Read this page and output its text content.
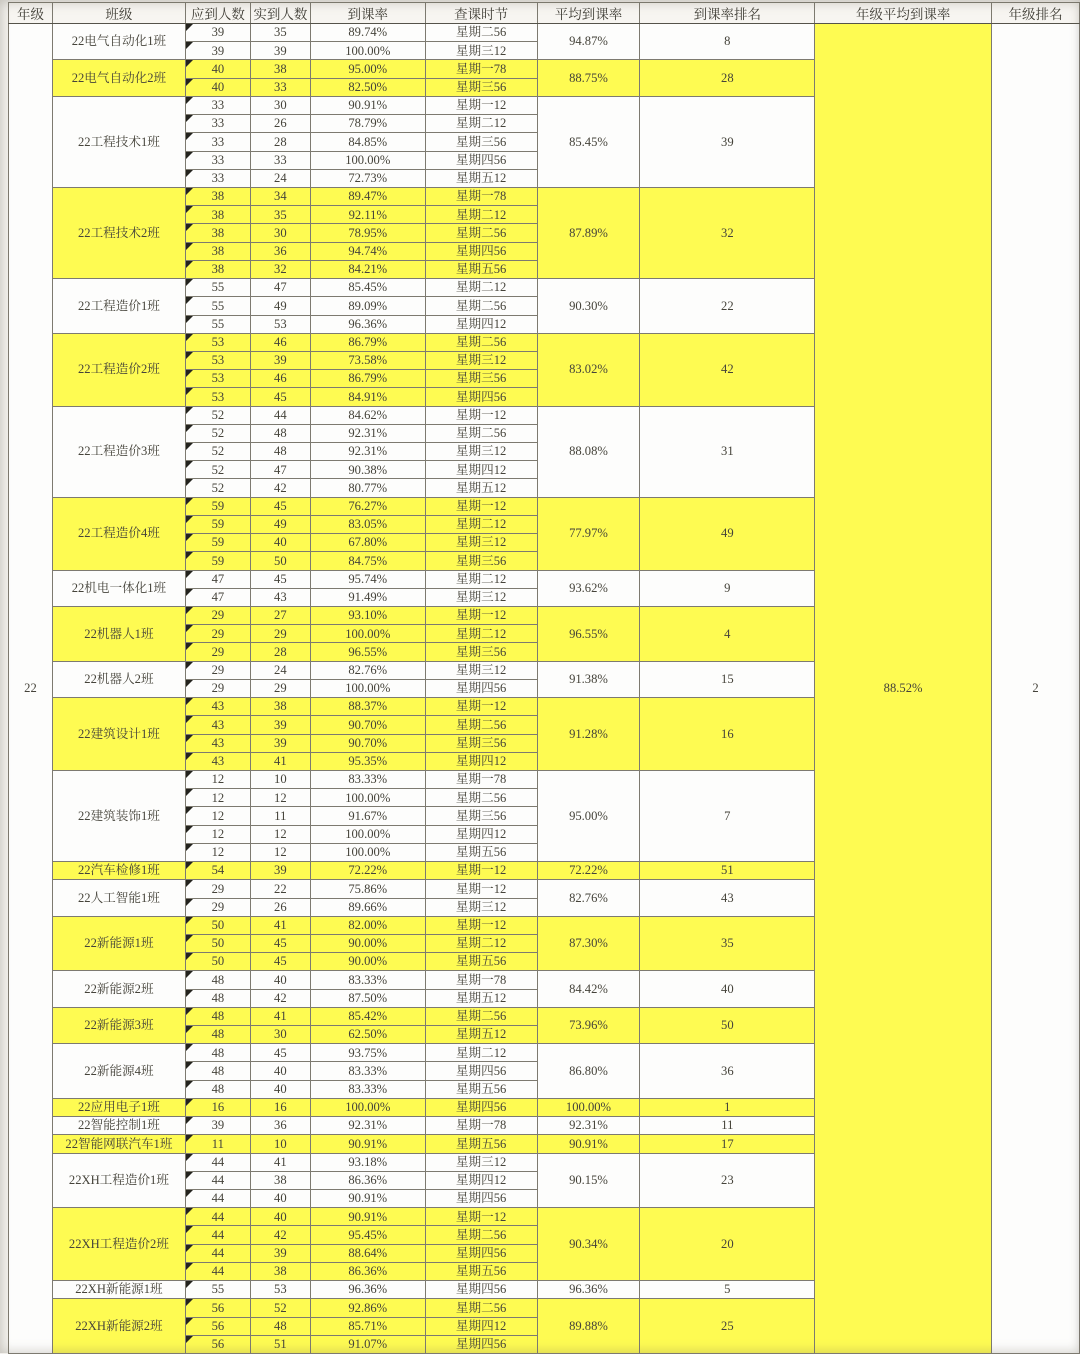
年级	班级	应到人数	实到人数	到课率	查课时节	平均到课率	到课率排名	年级平均到课率	年级排名
22	22电气自动化1班	39	35	89.74%	星期二56	94.87%	8	88.52%	2
		39	39	100.00%	星期三12				
	22电气自动化2班	40	38	95.00%	星期一78	88.75%	28		
		40	33	82.50%	星期三56				
	22工程技术1班	33	30	90.91%	星期一12	85.45%	39		
		33	26	78.79%	星期二12				
		33	28	84.85%	星期三56				
		33	33	100.00%	星期四56				
		33	24	72.73%	星期五12				
	22工程技术2班	38	34	89.47%	星期一78	87.89%	32		
		38	35	92.11%	星期二12				
		38	30	78.95%	星期二56				
		38	36	94.74%	星期四56				
		38	32	84.21%	星期五56				
	22工程造价1班	55	47	85.45%	星期二12	90.30%	22		
		55	49	89.09%	星期二56				
		55	53	96.36%	星期四12				
	22工程造价2班	53	46	86.79%	星期二56	83.02%	42		
		53	39	73.58%	星期三12				
		53	46	86.79%	星期三56				
		53	45	84.91%	星期四56				
	22工程造价3班	52	44	84.62%	星期一12	88.08%	31		
		52	48	92.31%	星期二56				
		52	48	92.31%	星期三12				
		52	47	90.38%	星期四12				
		52	42	80.77%	星期五12				
	22工程造价4班	59	45	76.27%	星期一12	77.97%	49		
		59	49	83.05%	星期二12				
		59	40	67.80%	星期三12				
		59	50	84.75%	星期三56				
	22机电一体化1班	47	45	95.74%	星期二12	93.62%	9		
		47	43	91.49%	星期三12				
	22机器人1班	29	27	93.10%	星期一12	96.55%	4		
		29	29	100.00%	星期二12				
		29	28	96.55%	星期三56				
	22机器人2班	29	24	82.76%	星期三12	91.38%	15		
		29	29	100.00%	星期四56				
	22建筑设计1班	43	38	88.37%	星期一12	91.28%	16		
		43	39	90.70%	星期二56				
		43	39	90.70%	星期三56				
		43	41	95.35%	星期四12				
	22建筑装饰1班	12	10	83.33%	星期一78	95.00%	7		
		12	12	100.00%	星期二56				
		12	11	91.67%	星期三56				
		12	12	100.00%	星期四12				
		12	12	100.00%	星期五56				
	22汽车检修1班	54	39	72.22%	星期一12	72.22%	51		
	22人工智能1班	29	22	75.86%	星期一12	82.76%	43		
		29	26	89.66%	星期三12				
	22新能源1班	50	41	82.00%	星期一12	87.30%	35		
		50	45	90.00%	星期二12				
		50	45	90.00%	星期五56				
	22新能源2班	48	40	83.33%	星期一78	84.42%	40		
		48	42	87.50%	星期五12				
	22新能源3班	48	41	85.42%	星期二56	73.96%	50		
		48	30	62.50%	星期五12				
	22新能源4班	48	45	93.75%	星期二12	86.80%	36		
		48	40	83.33%	星期四56				
		48	40	83.33%	星期五56				
	22应用电子1班	16	16	100.00%	星期四56	100.00%	1		
	22智能控制1班	39	36	92.31%	星期一78	92.31%	11		
	22智能网联汽车1班	11	10	90.91%	星期五56	90.91%	17		
	22XH工程造价1班	44	41	93.18%	星期三12	90.15%	23		
		44	38	86.36%	星期四12				
		44	40	90.91%	星期四56				
	22XH工程造价2班	44	40	90.91%	星期一12	90.34%	20		
		44	42	95.45%	星期二56				
		44	39	88.64%	星期四56				
		44	38	86.36%	星期五56				
	22XH新能源1班	55	53	96.36%	星期四56	96.36%	5		
	22XH新能源2班	56	52	92.86%	星期二56	89.88%	25		
		56	48	85.71%	星期四12				
		56	51	91.07%	星期四56				
